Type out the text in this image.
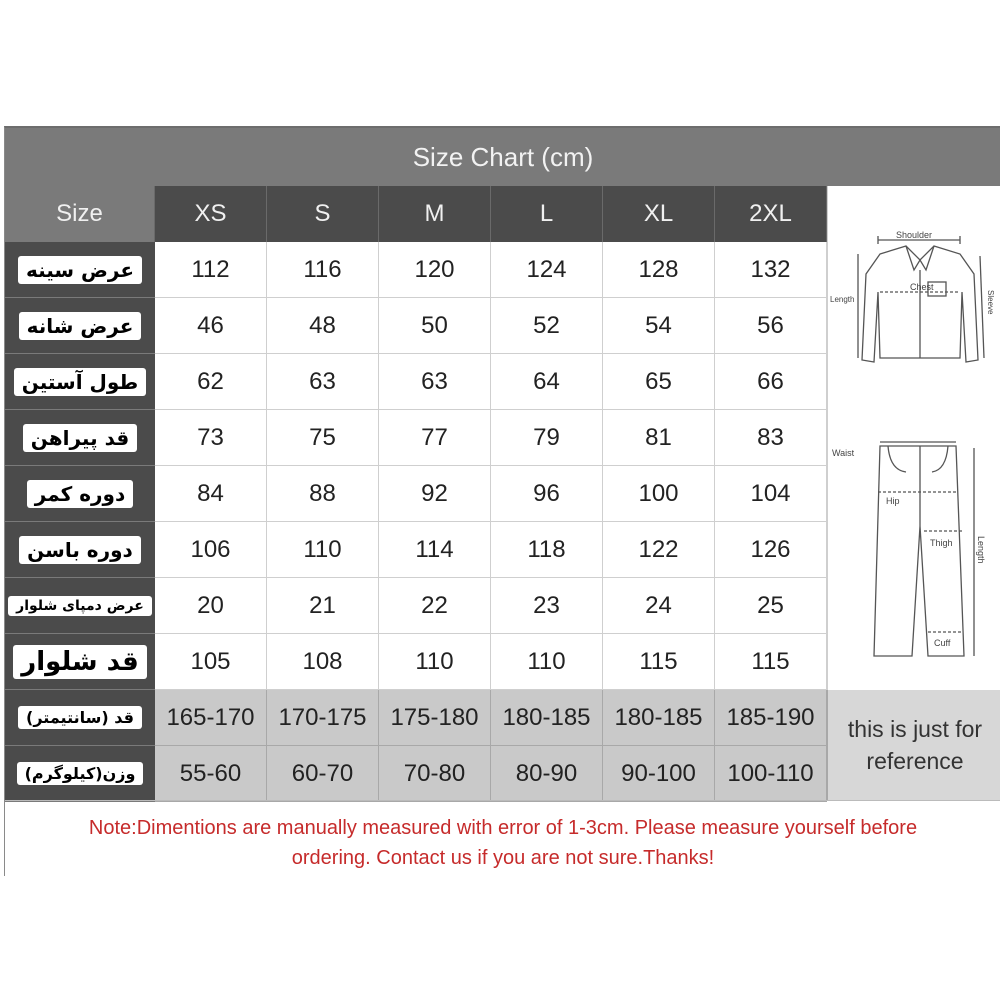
Size Chart (cm)
Size	XS	S	M	L	XL	2XL
عرض سینه	112	116	120	124	128	132
عرض شانه	46	48	50	52	54	56
طول آستین	62	63	63	64	65	66
قد پیراهن	73	75	77	79	81	83
دوره کمر	84	88	92	96	100	104
دوره باسن	106	110	114	118	122	126
عرض دمپای شلوار	20	21	22	23	24	25
قد شلوار	105	108	110	110	115	115
قد (سانتیمتر)	165-170 170-175 175-180 180-185 180-185 185-190
وزن(کیلوگرم)	55-60	60-70	70-80	80-90	90-100	100-110
Shoulder
Chest
Length	Sleeve
Waist
Hip
Thigh
Cuff
Length
this is just for
reference
Note:Dimentions are manually measured with error of 1-3cm. Please measure yourself before
ordering. Contact us if you are not sure.Thanks!
